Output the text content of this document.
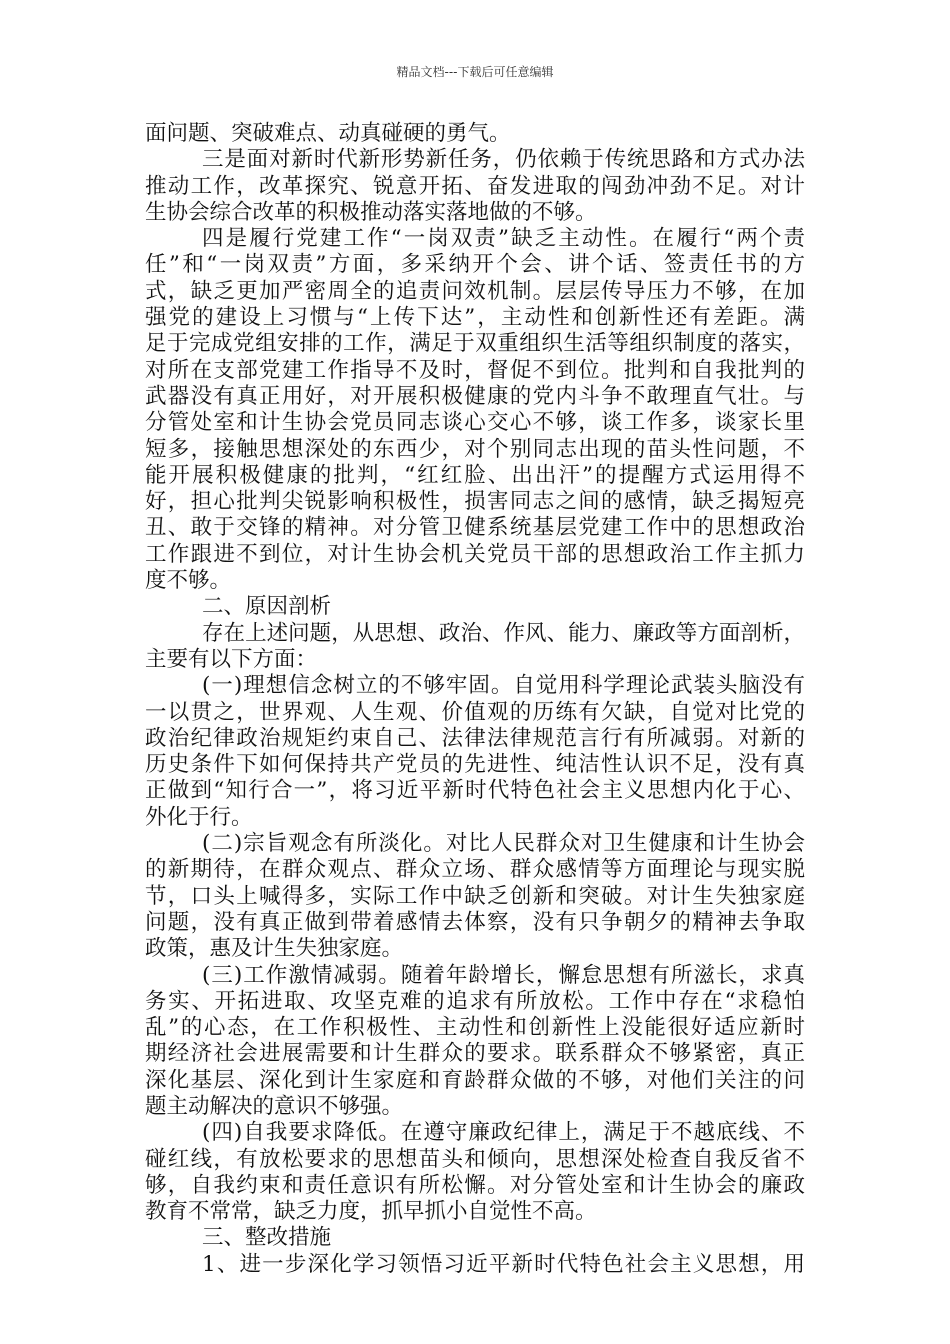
精品文档---下载后可任意编辑
面问题、突破难点、动真碰硬的勇气。
三是面对新时代新形势新任务，仍依赖于传统思路和方式办法
推动工作，改革探究、锐意开拓、奋发进取的闯劲冲劲不足。对计
生协会综合改革的积极推动落实落地做的不够。
四是履行党建工作“一岗双责”缺乏主动性。在履行“两个责
任”和“一岗双责”方面，多采纳开个会、讲个话、签责任书的方
式，缺乏更加严密周全的追责问效机制。层层传导压力不够，在加
强党的建设上习惯与“上传下达”，主动性和创新性还有差距。满
足于完成党组安排的工作，满足于双重组织生活等组织制度的落实，
对所在支部党建工作指导不及时，督促不到位。批判和自我批判的
武器没有真正用好，对开展积极健康的党内斗争不敢理直气壮。与
分管处室和计生协会党员同志谈心交心不够，谈工作多，谈家长里
短多，接触思想深处的东西少，对个别同志出现的苗头性问题，不
能开展积极健康的批判，“红红脸、出出汗”的提醒方式运用得不
好，担心批判尖锐影响积极性，损害同志之间的感情，缺乏揭短亮
丑、敢于交锋的精神。对分管卫健系统基层党建工作中的思想政治
工作跟进不到位，对计生协会机关党员干部的思想政治工作主抓力
度不够。
二、原因剖析
存在上述问题，从思想、政治、作风、能力、廉政等方面剖析，
主要有以下方面：
(一)理想信念树立的不够牢固。自觉用科学理论武装头脑没有
一以贯之，世界观、人生观、价值观的历练有欠缺，自觉对比党的
政治纪律政治规矩约束自己、法律法律规范言行有所减弱。对新的
历史条件下如何保持共产党员的先进性、纯洁性认识不足，没有真
正做到“知行合一”，将习近平新时代特色社会主义思想内化于心、
外化于行。
(二)宗旨观念有所淡化。对比人民群众对卫生健康和计生协会
的新期待，在群众观点、群众立场、群众感情等方面理论与现实脱
节，口头上喊得多，实际工作中缺乏创新和突破。对计生失独家庭
问题，没有真正做到带着感情去体察，没有只争朝夕的精神去争取
政策，惠及计生失独家庭。
(三)工作激情减弱。随着年龄增长，懈怠思想有所滋长，求真
务实、开拓进取、攻坚克难的追求有所放松。工作中存在“求稳怕
乱”的心态，在工作积极性、主动性和创新性上没能很好适应新时
期经济社会进展需要和计生群众的要求。联系群众不够紧密，真正
深化基层、深化到计生家庭和育龄群众做的不够，对他们关注的问
题主动解决的意识不够强。
(四)自我要求降低。在遵守廉政纪律上，满足于不越底线、不
碰红线，有放松要求的思想苗头和倾向，思想深处检查自我反省不
够，自我约束和责任意识有所松懈。对分管处室和计生协会的廉政
教育不常常，缺乏力度，抓早抓小自觉性不高。
三、整改措施
1、进一步深化学习领悟习近平新时代特色社会主义思想，用
